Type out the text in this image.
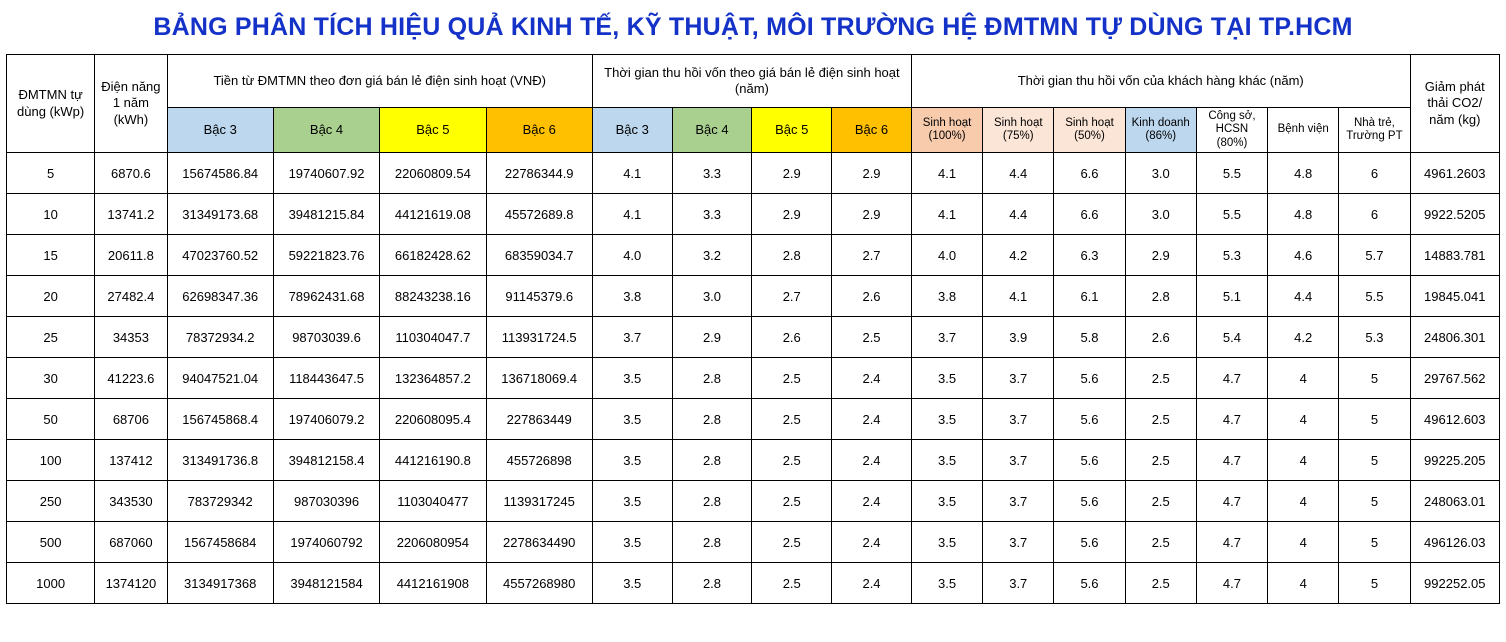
BẢNG PHÂN TÍCH HIỆU QUẢ KINH TẾ, KỸ THUẬT, MÔI TRƯỜNG HỆ ĐMTMN TỰ DÙNG TẠI TP.HCM
ĐMTMN tự dùng (kWp)	Điện năng 1 năm (kWh)	Tiền từ ĐMTMN theo đơn giá bán lẻ điện sinh hoạt (VNĐ)				Thời gian thu hồi vốn theo giá bán lẻ điện sinh hoạt (năm)				Thời gian thu hồi vốn của khách hàng khác (năm)							Giảm phát thải CO2/ năm (kg)
		Bậc 3	Bậc 4	Bậc 5	Bậc 6	Bậc 3	Bậc 4	Bậc 5	Bậc 6	Sinh hoạt (100%)	Sinh hoạt (75%)	Sinh hoạt (50%)	Kinh doanh (86%)	Công sở, HCSN (80%)	Bệnh viện	Nhà trẻ, Trường PT	
5	6870.6	15674586.84	19740607.92	22060809.54	22786344.9	4.1	3.3	2.9	2.9	4.1	4.4	6.6	3.0	5.5	4.8	6	4961.2603
10	13741.2	31349173.68	39481215.84	44121619.08	45572689.8	4.1	3.3	2.9	2.9	4.1	4.4	6.6	3.0	5.5	4.8	6	9922.5205
15	20611.8	47023760.52	59221823.76	66182428.62	68359034.7	4.0	3.2	2.8	2.7	4.0	4.2	6.3	2.9	5.3	4.6	5.7	14883.781
20	27482.4	62698347.36	78962431.68	88243238.16	91145379.6	3.8	3.0	2.7	2.6	3.8	4.1	6.1	2.8	5.1	4.4	5.5	19845.041
25	34353	78372934.2	98703039.6	110304047.7	113931724.5	3.7	2.9	2.6	2.5	3.7	3.9	5.8	2.6	5.4	4.2	5.3	24806.301
30	41223.6	94047521.04	118443647.5	132364857.2	136718069.4	3.5	2.8	2.5	2.4	3.5	3.7	5.6	2.5	4.7	4	5	29767.562
50	68706	156745868.4	197406079.2	220608095.4	227863449	3.5	2.8	2.5	2.4	3.5	3.7	5.6	2.5	4.7	4	5	49612.603
100	137412	313491736.8	394812158.4	441216190.8	455726898	3.5	2.8	2.5	2.4	3.5	3.7	5.6	2.5	4.7	4	5	99225.205
250	343530	783729342	987030396	1103040477	1139317245	3.5	2.8	2.5	2.4	3.5	3.7	5.6	2.5	4.7	4	5	248063.01
500	687060	1567458684	1974060792	2206080954	2278634490	3.5	2.8	2.5	2.4	3.5	3.7	5.6	2.5	4.7	4	5	496126.03
1000	1374120	3134917368	3948121584	4412161908	4557268980	3.5	2.8	2.5	2.4	3.5	3.7	5.6	2.5	4.7	4	5	992252.05
